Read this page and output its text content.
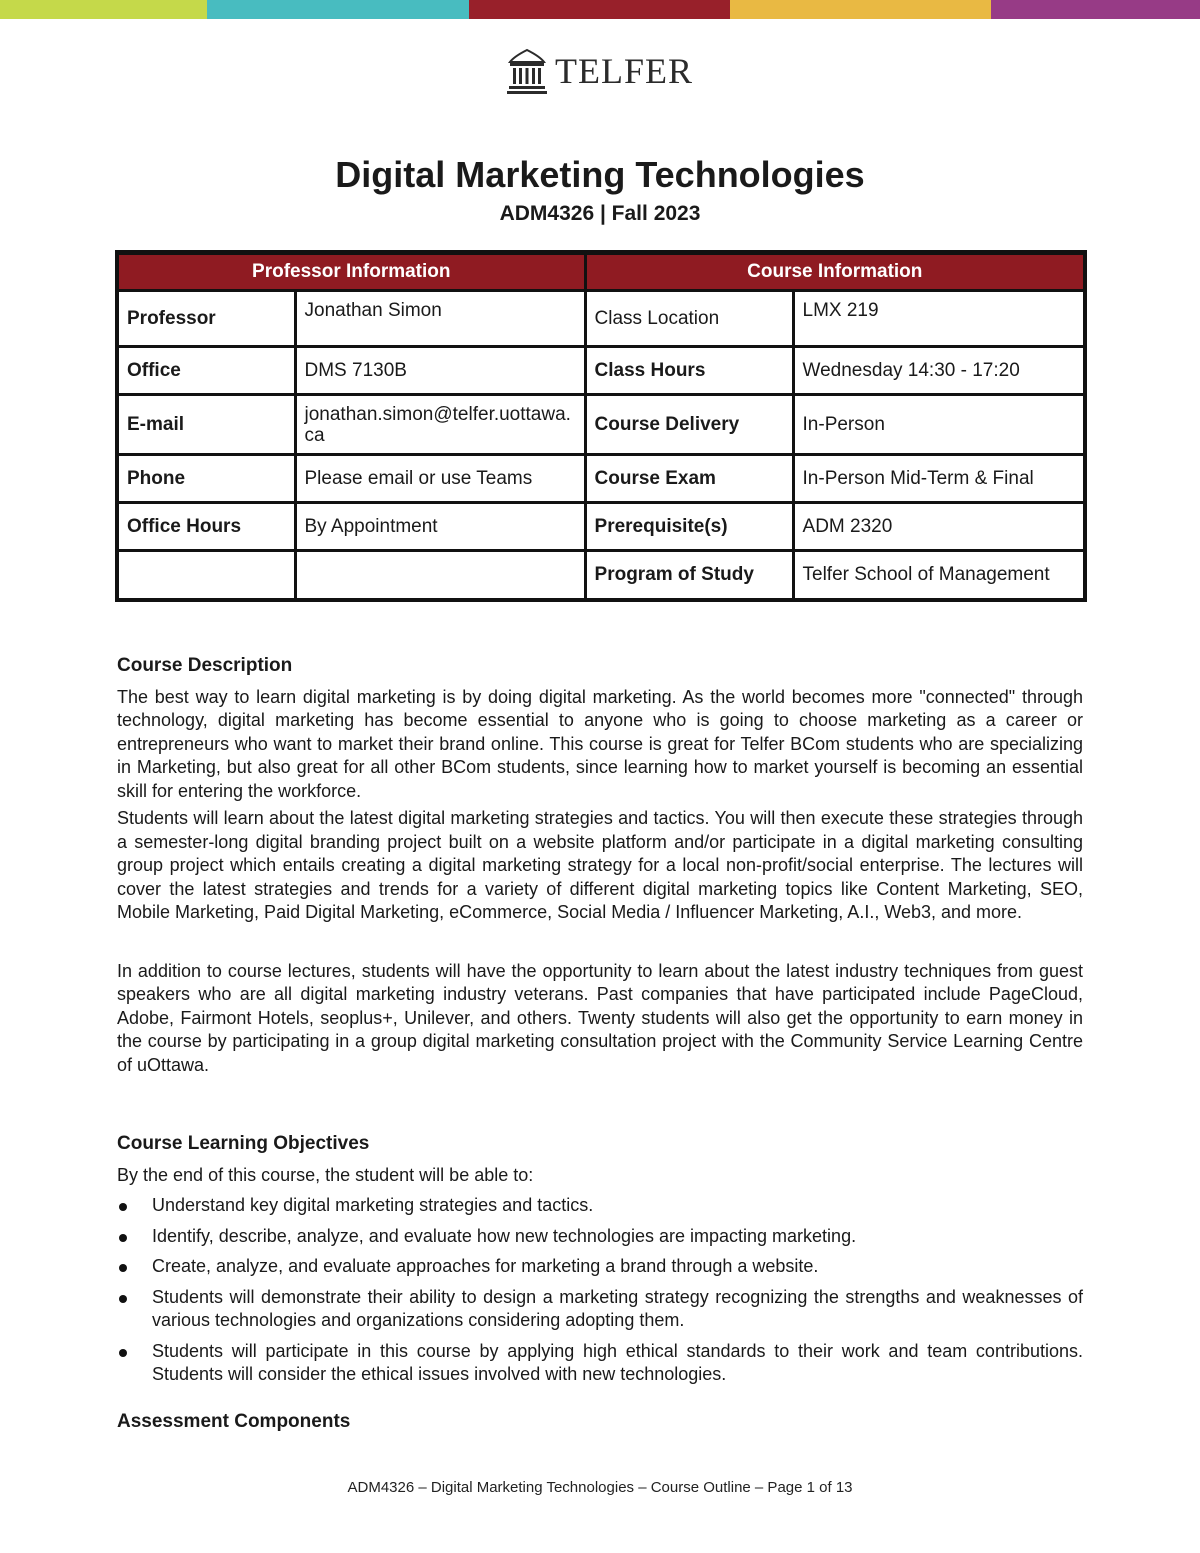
TELFER
Digital Marketing Technologies
ADM4326 | Fall 2023
Professor Information		Course Information	
Professor	Jonathan Simon	Class Location	LMX 219
Office	DMS 7130B	Class Hours	Wednesday 14:30 - 17:20
E-mail	jonathan.simon@telfer.uottawa.ca	Course Delivery	In-Person
Phone	Please email or use Teams	Course Exam	In-Person Mid-Term & Final
Office Hours	By Appointment	Prerequisite(s)	ADM 2320
		Program of Study	Telfer School of Management

Course Description

The best way to learn digital marketing is by doing digital marketing. As the world becomes more "connected" through technology, digital marketing has become essential to anyone who is going to choose marketing as a career or entrepreneurs who want to market their brand online. This course is great for Telfer BCom students who are specializing in Marketing, but also great for all other BCom students, since learning how to market yourself is becoming an essential skill for entering the workforce.

Students will learn about the latest digital marketing strategies and tactics. You will then execute these strategies through a semester-long digital branding project built on a website platform and/or participate in a digital marketing consulting group project which entails creating a digital marketing strategy for a local non-profit/social enterprise. The lectures will cover the latest strategies and trends for a variety of different digital marketing topics like Content Marketing, SEO, Mobile Marketing, Paid Digital Marketing, eCommerce, Social Media / Influencer Marketing, A.I., Web3, and more.

In addition to course lectures, students will have the opportunity to learn about the latest industry techniques from guest speakers who are all digital marketing industry veterans. Past companies that have participated include PageCloud, Adobe, Fairmont Hotels, seoplus+, Unilever, and others. Twenty students will also get the opportunity to earn money in the course by participating in a group digital marketing consultation project with the Community Service Learning Centre of uOttawa.

Course Learning Objectives

By the end of this course, the student will be able to:

Understand key digital marketing strategies and tactics.
Identify, describe, analyze, and evaluate how new technologies are impacting marketing.
Create, analyze, and evaluate approaches for marketing a brand through a website.
Students will demonstrate their ability to design a marketing strategy recognizing the strengths and weaknesses of various technologies and organizations considering adopting them.
Students will participate in this course by applying high ethical standards to their work and team contributions. Students will consider the ethical issues involved with new technologies.

Assessment Components

ADM4326 – Digital Marketing Technologies – Course Outline – Page 1 of 13
